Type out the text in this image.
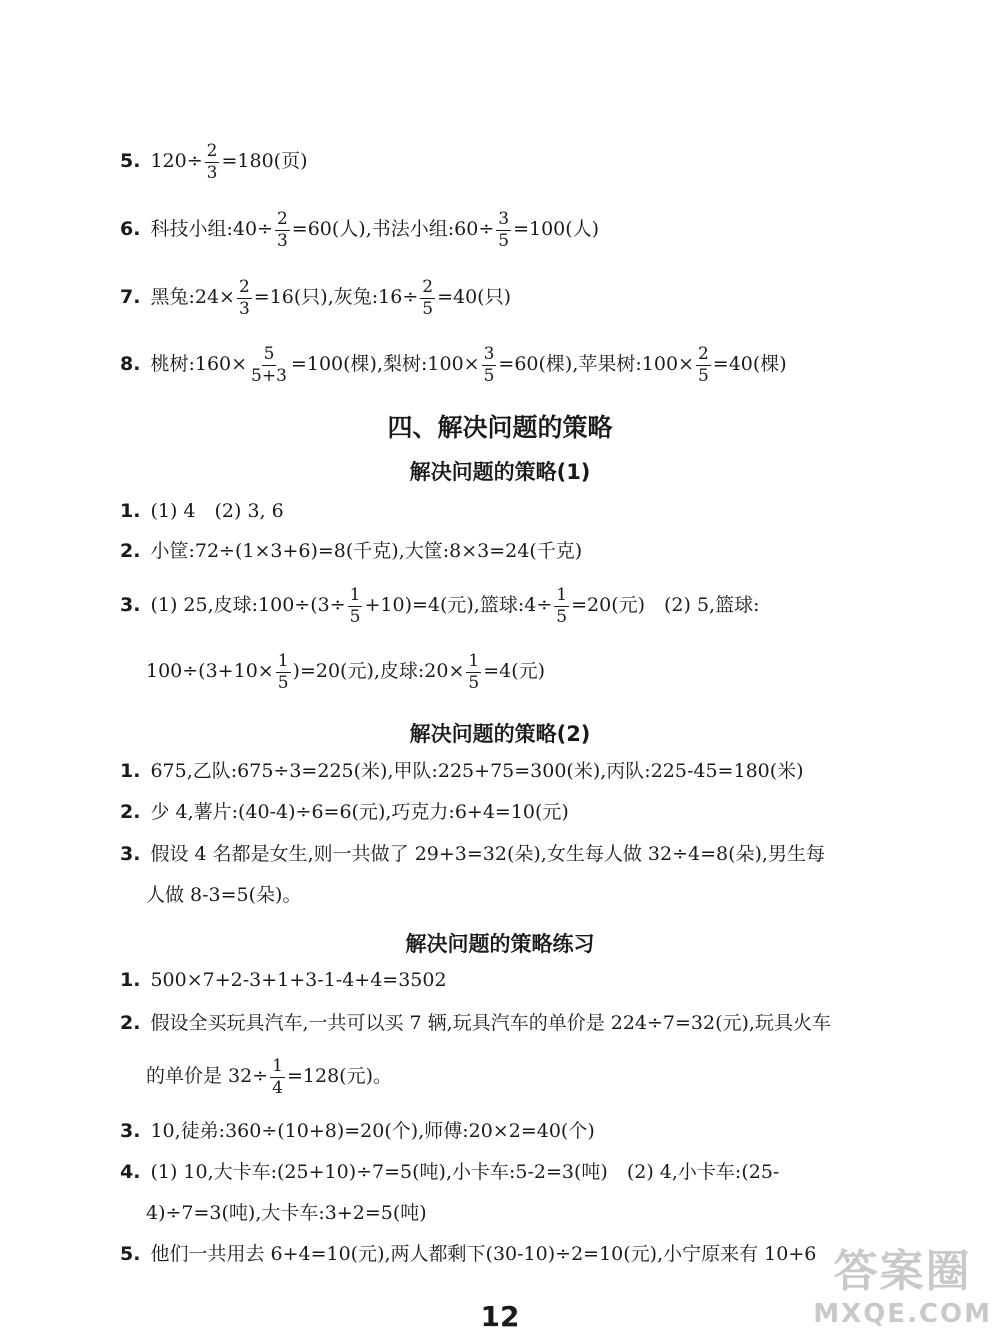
5. $120\div \frac{2}{3} =180$(页)
6. 科技小组:40÷ $\frac{2}{3} =60$(人),书法小组:60÷ $\frac{3}{5} =100$(人)
7. 黑兔:24× $\frac{2}{3} =16$(只),灰兔:16÷ $\frac{2}{5} =40$(只)
8. 桃树:160× $\frac{5}{5+3} =100$(棵),梨树:100× $\frac{3}{5} =60$(棵),苹果树:100× $\frac{2}{5} =40$(棵)
四、解决问题的策略
解决问题的策略(1)
1. (1) 4　(2) 3, 6
2. 小筐:72÷(1×3+6)=8(千克),大筐:8×3=24(千克)
3. (1) 25,皮球:100÷(3÷ $\frac{1}{5} +10)=4$(元),篮球:4÷ $\frac{1}{5} =20$(元)　(2) 5,篮球:
$100\div(3+10\times \frac{1}{5} )=20$(元),皮球:20× $\frac{1}{5} =4$(元)
解决问题的策略(2)
1. 675,乙队:675÷3=225(米),甲队:225+75=300(米),丙队:225-45=180(米)
2. 少 4,薯片:(40-4)÷6=6(元),巧克力:6+4=10(元)
3. 假设 4 名都是女生,则一共做了 29+3=32(朵),女生每人做 32÷4=8(朵),男生每
人做 8-3=5(朵)。
解决问题的策略练习
1. 500×7+2-3+1+3-1-4+4=3502
2. 假设全买玩具汽车,一共可以买 7 辆,玩具汽车的单价是 224÷7=32(元),玩具火车
的单价是 $32\div \frac{1}{4} =128$(元)。
3. 10,徒弟:360÷(10+8)=20(个),师傅:20×2=40(个)
4. (1) 10,大卡车:(25+10)÷7=5(吨),小卡车:5-2=3(吨)　(2) 4,小卡车:(25-
4)÷7=3(吨),大卡车:3+2=5(吨)
5. 他们一共用去 6+4=10(元),两人都剩下(30-10)÷2=10(元),小宁原来有 10+6 答案圈
MXQE.COM
12
